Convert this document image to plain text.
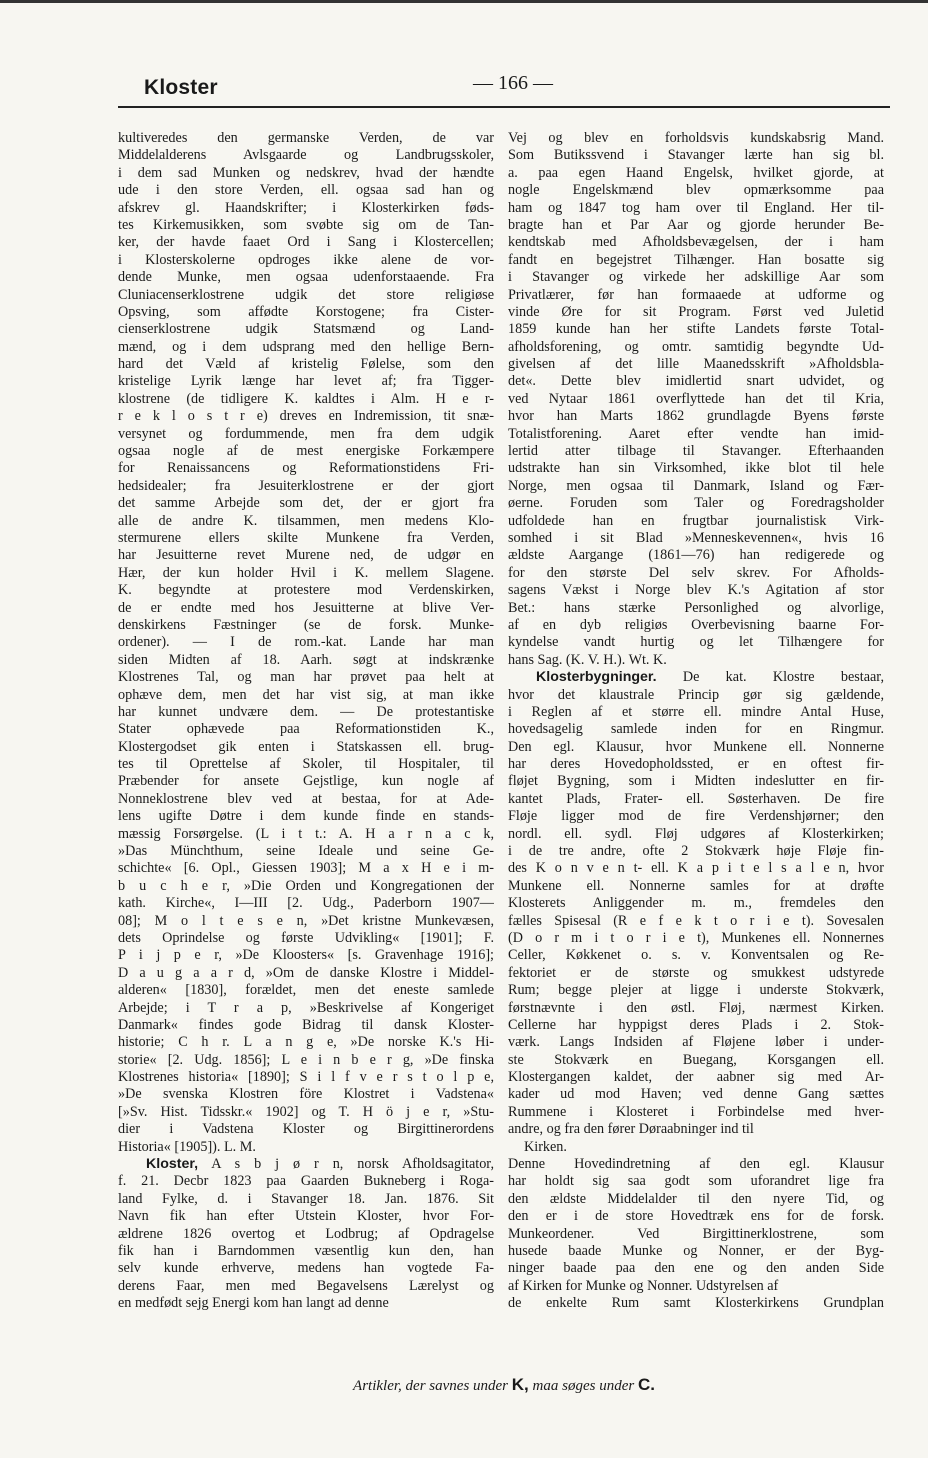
Kloster	— 166 —
kultiveredes den germanske Verden, de var
Middelalderens Avlsgaarde og Landbrugsskoler,
i dem sad Munken og nedskrev, hvad der hændte
ude i den store Verden, ell. ogsaa sad han og
afskrev gl. Haandskrifter; i Klosterkirken føds-
tes Kirkemusikken, som svøbte sig om de Tan-
ker, der havde faaet Ord i Sang i Klostercellen;
i Klosterskolerne opdroges ikke alene de vor-
dende Munke, men ogsaa udenforstaaende. Fra
Cluniacenserklostrene udgik det store religiøse
Opsving, som affødte Korstogene; fra Cister-
cienserklostrene udgik Statsmænd og Land-
mænd, og i dem udsprang med den hellige Bern-
hard det Væld af kristelig Følelse, som den
kristelige Lyrik længe har levet af; fra Tigger-
klostrene (de tidligere K. kaldtes i Alm. H e r-
r e k l o s t r e) dreves en Indremission, tit snæ-
versynet og fordummende, men fra dem udgik
ogsaa nogle af de mest energiske Forkæmpere
for Renaissancens og Reformationstidens Fri-
hedsidealer; fra Jesuiterklostrene er der gjort
det samme Arbejde som det, der er gjort fra
alle de andre K. tilsammen, men medens Klo-
stermurene ellers skilte Munkene fra Verden,
har Jesuitterne revet Murene ned, de udgør en
Hær, der kun holder Hvil i K. mellem Slagene.
K. begyndte at protestere mod Verdenskirken,
de er endte med hos Jesuitterne at blive Ver-
denskirkens Fæstninger (se de forsk. Munke-
ordener). — I de rom.-kat. Lande har man
siden Midten af 18. Aarh. søgt at indskrænke
Klostrenes Tal, og man har prøvet paa helt at
ophæve dem, men det har vist sig, at man ikke
har kunnet undvære dem. — De protestantiske
Stater ophævede paa Reformationstiden K.,
Klostergodset gik enten i Statskassen ell. brug-
tes til Oprettelse af Skoler, til Hospitaler, til
Præbender for ansete Gejstlige, kun nogle af
Nonneklostrene blev ved at bestaa, for at Ade-
lens ugifte Døtre i dem kunde finde en stands-
mæssig Forsørgelse. (L i t t.: A. H a r n a c k,
»Das Münchthum, seine Ideale und seine Ge-
schichte« [6. Opl., Giessen 1903]; M a x H e i m-
b u c h e r, »Die Orden und Kongregationen der
kath. Kirche«, I—III [2. Udg., Paderborn 1907—
08]; M o l t e s e n, »Det kristne Munkevæsen,
dets Oprindelse og første Udvikling« [1901]; F.
P i j p e r, »De Kloosters« [s. Gravenhage 1916];
D a u g a a r d, »Om de danske Klostre i Middel-
alderen« [1830], forældet, men det eneste samlede
Arbejde; i T r a p, »Beskrivelse af Kongeriget
Danmark« findes gode Bidrag til dansk Kloster-
historie; C h r. L a n g e, »De norske K.'s Hi-
storie« [2. Udg. 1856]; L e i n b e r g, »De finska
Klostrenes historia« [1890]; S i l f v e r s t o l p e,
»De svenska Klostren före Klostret i Vadstena«
[»Sv. Hist. Tidsskr.« 1902] og T. H ö j e r, »Stu-
dier i Vadstena Kloster og Birgittinerordens
Historia« [1905]). L. M.
Kloster, A s b j ø r n, norsk Afholdsagitator,
f. 21. Decbr 1823 paa Gaarden Bukneberg i Roga-
land Fylke, d. i Stavanger 18. Jan. 1876. Sit
Navn fik han efter Utstein Kloster, hvor For-
ældrene 1826 overtog et Lodbrug; af Opdragelse
fik han i Barndommen væsentlig kun den, han
selv kunde erhverve, medens han vogtede Fa-
derens Faar, men med Begavelsens Lærelyst og
en medfødt sejg Energi kom han langt ad denne
Vej og blev en forholdsvis kundskabsrig Mand.
Som Butikssvend i Stavanger lærte han sig bl.
a. paa egen Haand Engelsk, hvilket gjorde, at
nogle Engelskmænd blev opmærksomme paa
ham og 1847 tog ham over til England. Her til-
bragte han et Par Aar og gjorde herunder Be-
kendtskab med Afholdsbevægelsen, der i ham
fandt en begejstret Tilhænger. Han bosatte sig
i Stavanger og virkede her adskillige Aar som
Privatlærer, før han formaaede at udforme og
vinde Øre for sit Program. Først ved Juletid
1859 kunde han her stifte Landets første Total-
afholdsforening, og omtr. samtidig begyndte Ud-
givelsen af det lille Maanedsskrift »Afholdsbla-
det«. Dette blev imidlertid snart udvidet, og
ved Nytaar 1861 overflyttede han det til Kria,
hvor han Marts 1862 grundlagde Byens første
Totalistforening. Aaret efter vendte han imid-
lertid atter tilbage til Stavanger. Efterhaanden
udstrakte han sin Virksomhed, ikke blot til hele
Norge, men ogsaa til Danmark, Island og Fær-
øerne. Foruden som Taler og Foredragsholder
udfoldede han en frugtbar journalistisk Virk-
somhed i sit Blad »Menneskevennen«, hvis 16
ældste Aargange (1861—76) han redigerede og
for den største Del selv skrev. For Afholds-
sagens Vækst i Norge blev K.'s Agitation af stor
Bet.: hans stærke Personlighed og alvorlige,
af en dyb religiøs Overbevisning baarne For-
kyndelse vandt hurtig og let Tilhængere for
hans Sag. (K. V. H.). Wt. K.
Klosterbygninger. De kat. Klostre bestaar,
hvor det klaustrale Princip gør sig gældende,
i Reglen af et større ell. mindre Antal Huse,
hovedsagelig samlede inden for en Ringmur.
Den egl. Klausur, hvor Munkene ell. Nonnerne
har deres Hovedopholdssted, er en oftest fir-
fløjet Bygning, som i Midten indeslutter en fir-
kantet Plads, Frater- ell. Søsterhaven. De fire
Fløje ligger mod de fire Verdenshjørner; den
nordl. ell. sydl. Fløj udgøres af Klosterkirken;
i de tre andre, ofte 2 Stokværk høje Fløje fin-
des K o n v e n t- ell. K a p i t e l s a l e n, hvor
Munkene ell. Nonnerne samles for at drøfte
Klosterets Anliggender m. m., fremdeles den
fælles Spisesal (R e f e k t o r i e t). Sovesalen
(D o r m i t o r i e t), Munkenes ell. Nonnernes
Celler, Køkkenet o. s. v. Konventsalen og Re-
fektoriet er de største og smukkest udstyrede
Rum; begge plejer at ligge i underste Stokværk,
førstnævnte i den østl. Fløj, nærmest Kirken.
Cellerne har hyppigst deres Plads i 2. Stok-
værk. Langs Indsiden af Fløjene løber i under-
ste Stokværk en Buegang, Korsgangen ell.
Klostergangen kaldet, der aabner sig med Ar-
kader ud mod Haven; ved denne Gang sættes
Rummene i Klosteret i Forbindelse med hver-
andre, og fra den fører Døraabninger ind til
Kirken.
Denne Hovedindretning af den egl. Klausur
har holdt sig saa godt som uforandret lige fra
den ældste Middelalder til den nyere Tid, og
den er i de store Hovedtræk ens for de forsk.
Munkeordener. Ved Birgittinerklostrene, som
husede baade Munke og Nonner, er der Byg-
ninger baade paa den ene og den anden Side
af Kirken for Munke og Nonner. Udstyrelsen af
de enkelte Rum samt Klosterkirkens Grundplan
Artikler, der savnes under K, maa søges under C.
